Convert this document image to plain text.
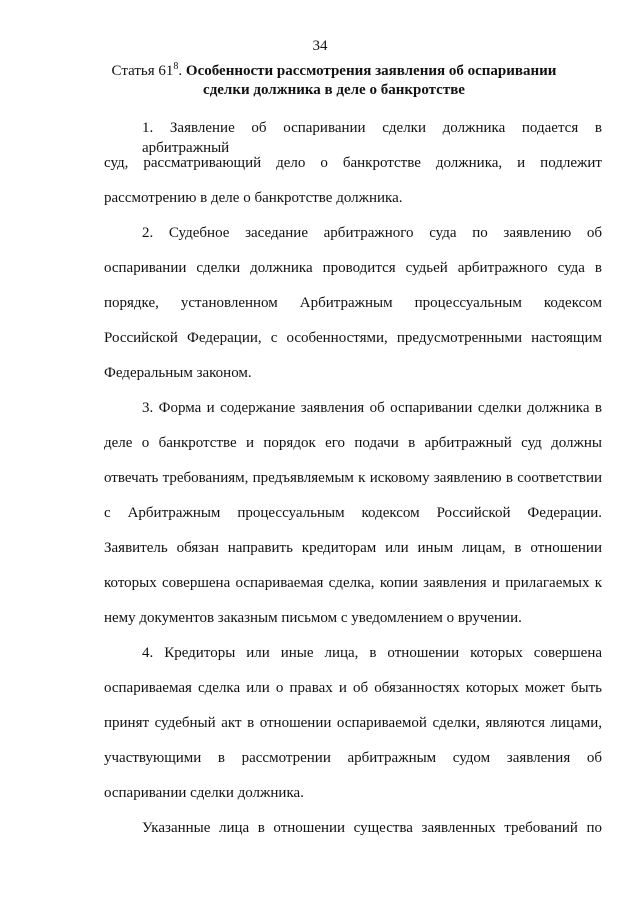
34
Статья $61^8$. Особенности рассмотрения заявления об оспаривании
сделки должника в деле о банкротстве
1. Заявление об оспаривании сделки должника подается в арбитражный
суд, рассматривающий дело о банкротстве должника, и подлежит
рассмотрению в деле о банкротстве должника.
2. Судебное заседание арбитражного суда по заявлению об
оспаривании сделки должника проводится судьей арбитражного суда в
порядке, установленном Арбитражным процессуальным кодексом
Российской Федерации, с особенностями, предусмотренными настоящим
Федеральным законом.
3. Форма и содержание заявления об оспаривании сделки должника в
деле о банкротстве и порядок его подачи в арбитражный суд должны
отвечать требованиям, предъявляемым к исковому заявлению в соответствии
с Арбитражным процессуальным кодексом Российской Федерации.
Заявитель обязан направить кредиторам или иным лицам, в отношении
которых совершена оспариваемая сделка, копии заявления и прилагаемых к
нему документов заказным письмом с уведомлением о вручении.
4. Кредиторы или иные лица, в отношении которых совершена
оспариваемая сделка или о правах и об обязанностях которых может быть
принят судебный акт в отношении оспариваемой сделки, являются лицами,
участвующими в рассмотрении арбитражным судом заявления об
оспаривании сделки должника.
Указанные лица в отношении существа заявленных требований по
